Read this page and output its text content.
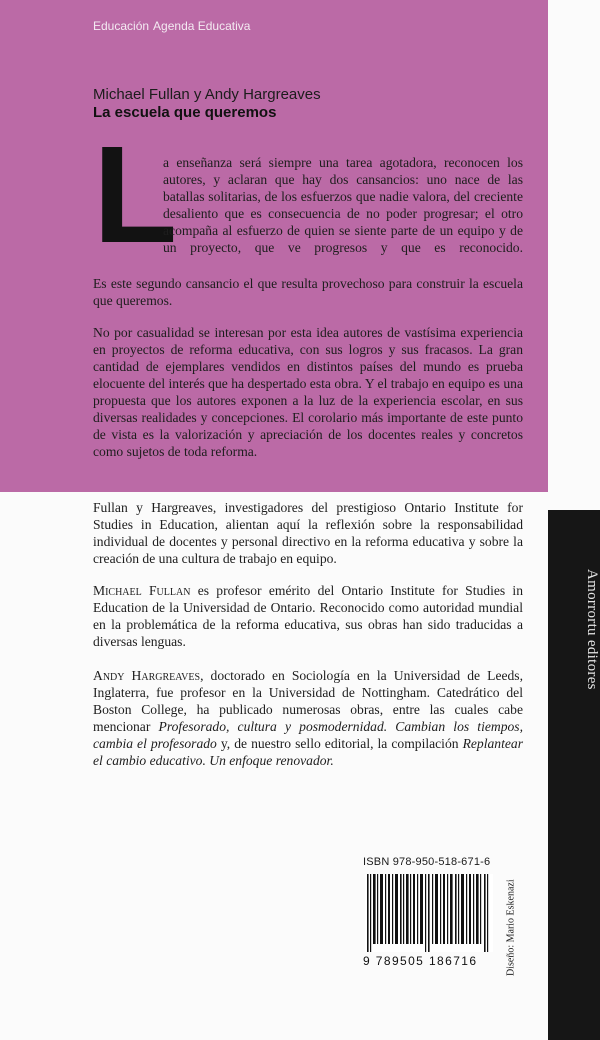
Amorrortu editores
Educación Agenda Educativa
Michael Fullan y Andy Hargreaves
La escuela que queremos
L
a enseñanza será siempre una tarea agotadora, reconocen los autores, y aclaran que hay dos cansancios: uno nace de las batallas solitarias, de los esfuerzos que nadie valora, del creciente desaliento que es consecuencia de no poder progresar; el otro acompaña al esfuerzo de quien se siente parte de un equipo y de un proyecto, que ve progresos y que es reconocido.
Es este segundo cansancio el que resulta provechoso para construir la escuela que queremos.
No por casualidad se interesan por esta idea autores de vastísima experiencia en proyectos de reforma educativa, con sus logros y sus fracasos. La gran cantidad de ejemplares vendidos en distintos países del mundo es prueba elocuente del interés que ha despertado esta obra. Y el trabajo en equipo es una propuesta que los autores exponen a la luz de la experiencia escolar, en sus diversas realidades y concepciones. El corolario más importante de este punto de vista es la valorización y apreciación de los docentes reales y concretos como sujetos de toda reforma.
Fullan y Hargreaves, investigadores del prestigioso Ontario Institute for Studies in Education, alientan aquí la reflexión sobre la responsabilidad individual de docentes y personal directivo en la reforma educativa y sobre la creación de una cultura de trabajo en equipo.
Michael Fullan es profesor emérito del Ontario Institute for Studies in Education de la Universidad de Ontario. Reconocido como autoridad mundial en la problemática de la reforma educativa, sus obras han sido traducidas a diversas lenguas.
Andy Hargreaves, doctorado en Sociología en la Universidad de Leeds, Inglaterra, fue profesor en la Universidad de Nottingham. Catedrático del Boston College, ha publicado numerosas obras, entre las cuales cabe mencionar Profesorado, cultura y posmodernidad. Cambian los tiempos, cambia el profesorado y, de nuestro sello editorial, la compilación Replantear el cambio educativo. Un enfoque renovador.
ISBN 978-950-518-671-6
9 789505 186716	Diseño: Mario Eskenazi
